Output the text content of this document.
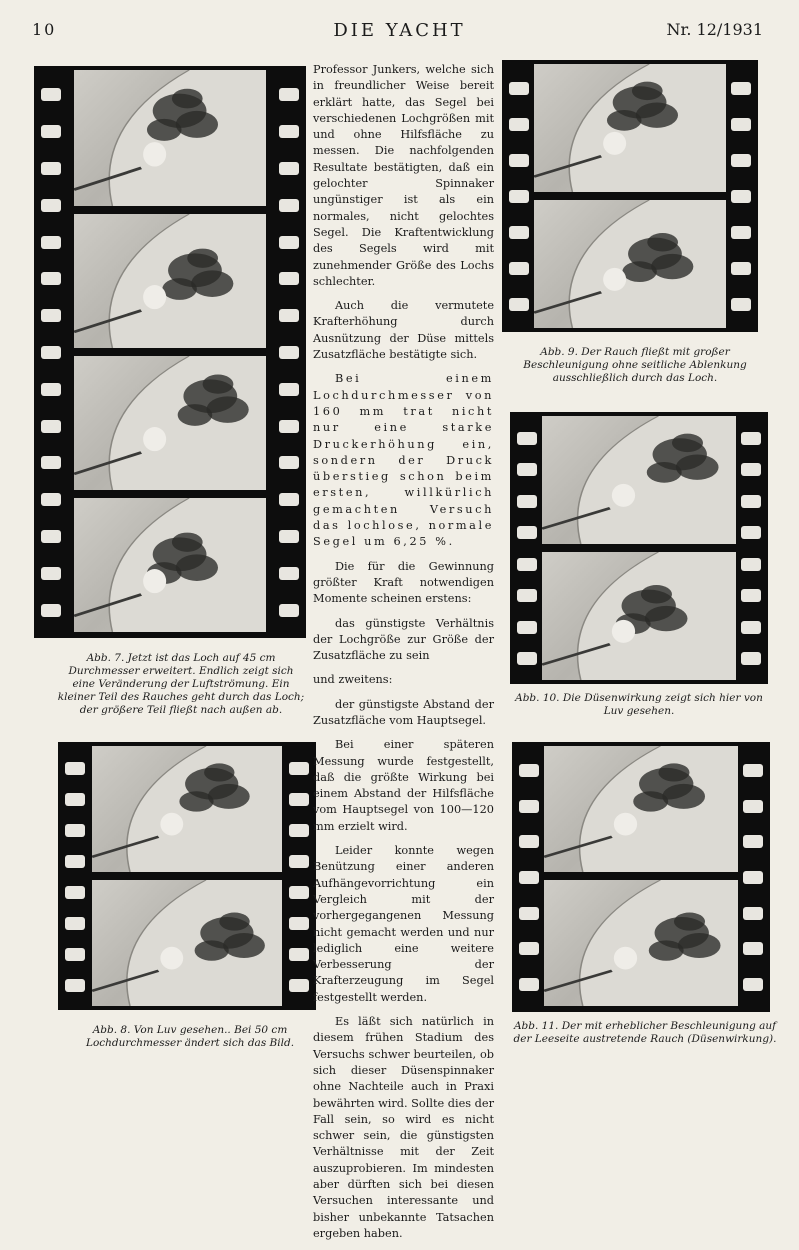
10	DIE YACHT	Nr. 12/1931
Abb. 7. Jetzt ist das Loch auf 45 cm Durchmesser erweitert. Endlich zeigt sich eine Veränderung der Luftströmung. Ein kleiner Teil des Rauches geht durch das Loch; der größere Teil fließt nach außen ab.
Abb. 8. Von Luv gesehen.. Bei 50 cm Lochdurchmesser ändert sich das Bild.
Abb. 9. Der Rauch fließt mit großer Beschleunigung ohne seitliche Ablenkung ausschließlich durch das Loch.
Abb. 10. Die Düsenwirkung zeigt sich hier von Luv gesehen.
Abb. 11. Der mit erheblicher Beschleunigung auf der Leeseite austretende Rauch (Düsenwirkung).

Professor Junkers, welche sich in freundlicher Weise bereit erklärt hatte, das Segel bei verschiedenen Lochgrößen mit und ohne Hilfsfläche zu messen. Die nachfolgenden Resultate bestätigten, daß ein gelochter Spinnaker ungünstiger ist als ein normales, nicht gelochtes Segel. Die Kraftentwicklung des Segels wird mit zunehmender Größe des Lochs schlechter.

Auch die vermutete Krafterhöhung durch Ausnützung der Düse mittels Zusatzfläche bestätigte sich.

Bei einem Lochdurchmesser von 160 mm trat nicht nur eine starke Druckerhöhung ein, sondern der Druck überstieg schon beim ersten, willkürlich gemachten Versuch das lochlose, normale Segel um 6,25 %.

Die für die Gewinnung größter Kraft notwendigen Momente scheinen erstens:

das günstigste Verhältnis der Lochgröße zur Größe der Zusatzfläche zu sein

und zweitens:

der günstigste Abstand der Zusatzfläche vom Hauptsegel.

Bei einer späteren Messung wurde festgestellt, daß die größte Wirkung bei einem Abstand der Hilfsfläche vom Hauptsegel von 100—120 mm erzielt wird.

Leider konnte wegen Benützung einer anderen Aufhängevorrichtung ein Vergleich mit der vorhergegangenen Messung nicht gemacht werden und nur lediglich eine weitere Verbesserung der Krafterzeugung im Segel festgestellt werden.

Es läßt sich natürlich in diesem frühen Stadium des Versuchs schwer beurteilen, ob sich dieser Düsenspinnaker ohne Nachteile auch in Praxi bewährten wird. Sollte dies der Fall sein, so wird es nicht schwer sein, die günstigsten Verhältnisse mit der Zeit auszuprobieren. Im mindesten aber dürften sich bei diesen Versuchen interessante und bisher unbekannte Tatsachen ergeben haben.
